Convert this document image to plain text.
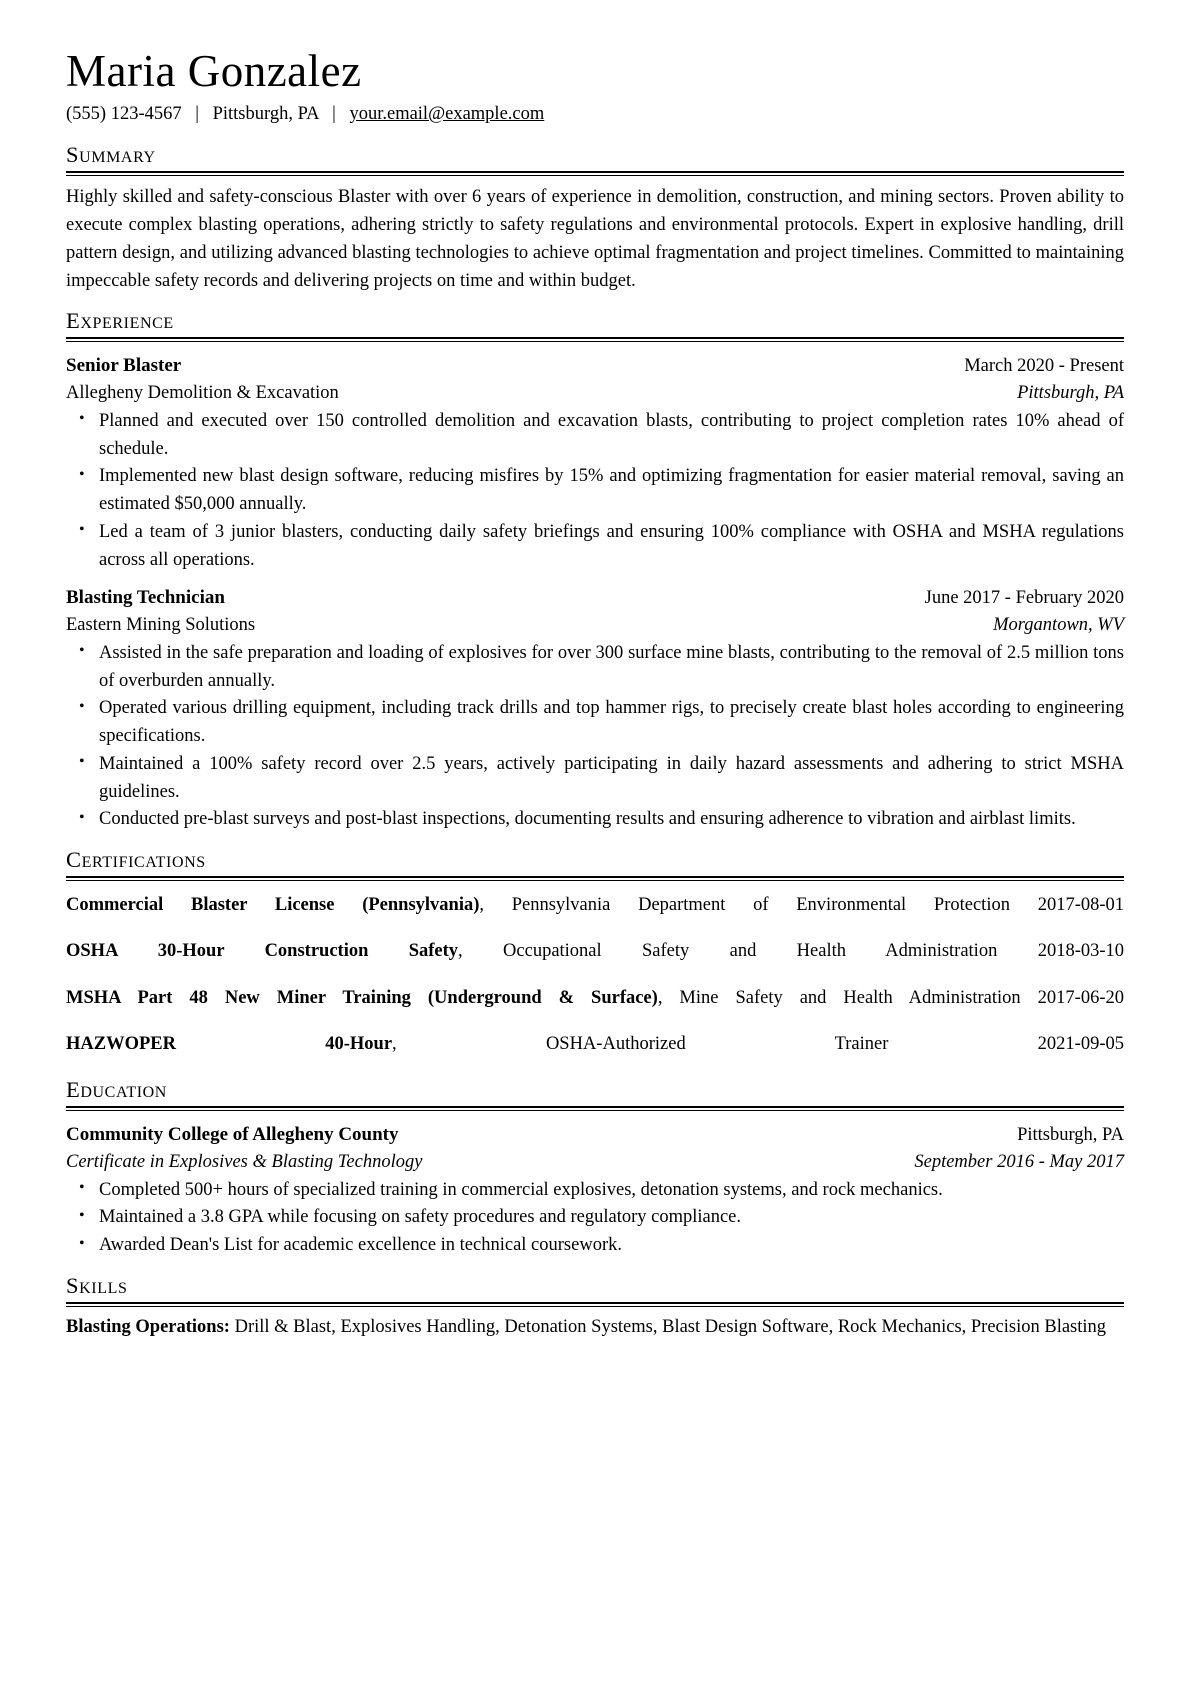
Maria Gonzalez
(555) 123-4567 | Pittsburgh, PA | your.email@example.com
Summary

Highly skilled and safety-conscious Blaster with over 6 years of experience in demolition, construction, and mining sectors. Proven ability to execute complex blasting operations, adhering strictly to safety regulations and environmental protocols. Expert in explosive handling, drill pattern design, and utilizing advanced blasting technologies to achieve optimal fragmentation and project timelines. Committed to maintaining impeccable safety records and delivering projects on time and within budget.

Experience
Senior Blaster	March 2020 - Present
Allegheny Demolition & Excavation	Pittsburgh, PA
• Planned and executed over 150 controlled demolition and excavation blasts, contributing to project completion rates 10% ahead of schedule.
• Implemented new blast design software, reducing misfires by 15% and optimizing fragmentation for easier material removal, saving an estimated $50,000 annually.
• Led a team of 3 junior blasters, conducting daily safety briefings and ensuring 100% compliance with OSHA and MSHA regulations across all operations.
Blasting Technician	June 2017 - February 2020
Eastern Mining Solutions	Morgantown, WV
• Assisted in the safe preparation and loading of explosives for over 300 surface mine blasts, contributing to the removal of 2.5 million tons of overburden annually.
• Operated various drilling equipment, including track drills and top hammer rigs, to precisely create blast holes according to engineering specifications.
• Maintained a 100% safety record over 2.5 years, actively participating in daily hazard assessments and adhering to strict MSHA guidelines.
• Conducted pre-blast surveys and post-blast inspections, documenting results and ensuring adherence to vibration and airblast limits.
Certifications

Commercial Blaster License (Pennsylvania), Pennsylvania Department of Environmental Protection 2017-08-01

OSHA 30-Hour Construction Safety, Occupational Safety and Health Administration 2018-03-10

MSHA Part 48 New Miner Training (Underground & Surface), Mine Safety and Health Administration 2017-06-20

HAZWOPER 40-Hour, OSHA-Authorized Trainer	2021-09-05

Education
Community College of Allegheny County	Pittsburgh, PA
Certificate in Explosives & Blasting Technology	September 2016 - May 2017
• Completed 500+ hours of specialized training in commercial explosives, detonation systems, and rock mechanics.
• Maintained a 3.8 GPA while focusing on safety procedures and regulatory compliance.
• Awarded Dean's List for academic excellence in technical coursework.
Skills

Blasting Operations: Drill & Blast, Explosives Handling, Detonation Systems, Blast Design Software, Rock Mechanics, Precision Blasting
